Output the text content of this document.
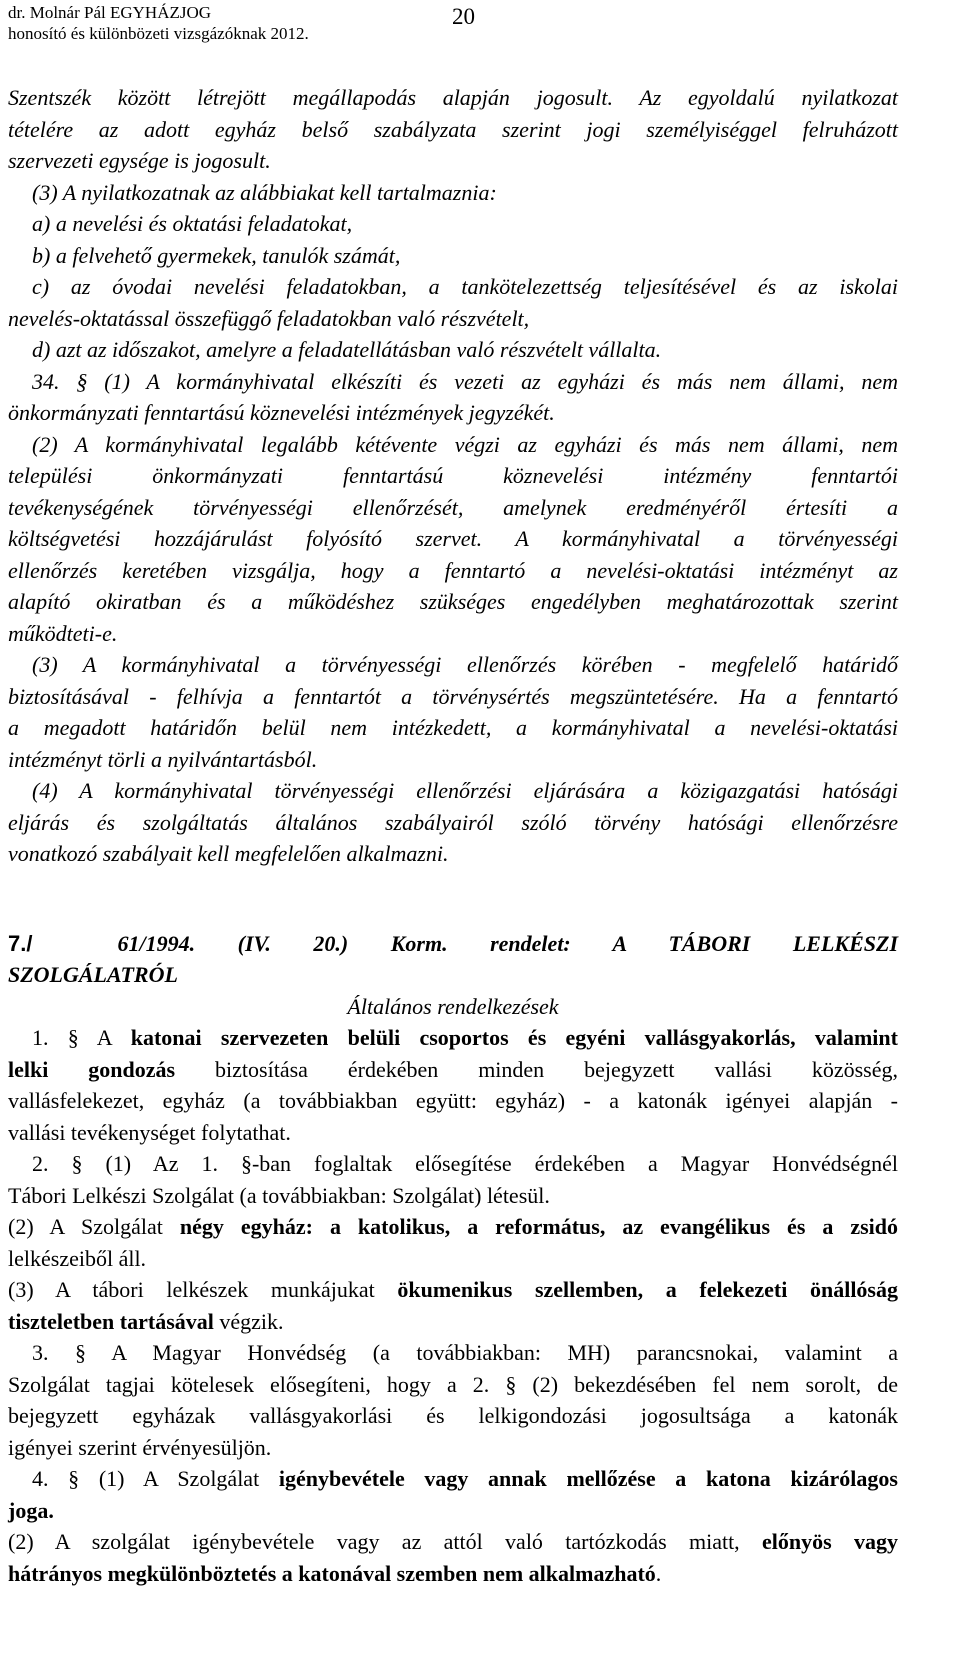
dr. Molnár Pál EGYHÁZJOG
honosító és különbözeti vizsgázóknak 2012.
20

Szentszék között létrejött megállapodás alapján jogosult. Az egyoldalú nyilatkozat

tételére az adott egyház belső szabályzata szerint jogi személyiséggel felruházott

szervezeti egysége is jogosult.

(3) A nyilatkozatnak az alábbiakat kell tartalmaznia:

a) a nevelési és oktatási feladatokat,

b) a felvehető gyermekek, tanulók számát,

c) az óvodai nevelési feladatokban, a tankötelezettség teljesítésével és az iskolai

nevelés-oktatással összefüggő feladatokban való részvételt,

d) azt az időszakot, amelyre a feladatellátásban való részvételt vállalta.

34. § (1) A kormányhivatal elkészíti és vezeti az egyházi és más nem állami, nem

önkormányzati fenntartású köznevelési intézmények jegyzékét.

(2) A kormányhivatal legalább kétévente végzi az egyházi és más nem állami, nem

települési önkormányzati fenntartású köznevelési intézmény fenntartói

tevékenységének törvényességi ellenőrzését, amelynek eredményéről értesíti a

költségvetési hozzájárulást folyósító szervet. A kormányhivatal a törvényességi

ellenőrzés keretében vizsgálja, hogy a fenntartó a nevelési-oktatási intézményt az

alapító okiratban és a működéshez szükséges engedélyben meghatározottak szerint

működteti-e.

(3) A kormányhivatal a törvényességi ellenőrzés körében - megfelelő határidő

biztosításával - felhívja a fenntartót a törvénysértés megszüntetésére. Ha a fenntartó

a megadott határidőn belül nem intézkedett, a kormányhivatal a nevelési-oktatási

intézményt törli a nyilvántartásból.

(4) A kormányhivatal törvényességi ellenőrzési eljárására a közigazgatási hatósági

eljárás és szolgáltatás általános szabályairól szóló törvény hatósági ellenőrzésre

vonatkozó szabályait kell megfelelően alkalmazni.

7./	61/1994. (IV. 20.) Korm. rendelet: A TÁBORI LELKÉSZI

SZOLGÁLATRÓL

Általános rendelkezések

1. § A katonai szervezeten belüli csoportos és egyéni vallásgyakorlás, valamint

lelki gondozás biztosítása érdekében minden bejegyzett vallási közösség,

vallásfelekezet, egyház (a továbbiakban együtt: egyház) - a katonák igényei alapján -

vallási tevékenységet folytathat.

2. § (1) Az 1. §-ban foglaltak elősegítése érdekében a Magyar Honvédségnél

Tábori Lelkészi Szolgálat (a továbbiakban: Szolgálat) létesül.

(2) A Szolgálat négy egyház: a katolikus, a református, az evangélikus és a zsidó

lelkészeiből áll.

(3) A tábori lelkészek munkájukat ökumenikus szellemben, a felekezeti önállóság

tiszteletben tartásával végzik.

3. § A Magyar Honvédség (a továbbiakban: MH) parancsnokai, valamint a

Szolgálat tagjai kötelesek elősegíteni, hogy a 2. § (2) bekezdésében fel nem sorolt, de

bejegyzett egyházak vallásgyakorlási és lelkigondozási jogosultsága a katonák

igényei szerint érvényesüljön.

4. § (1) A Szolgálat igénybevétele vagy annak mellőzése a katona kizárólagos

joga.

(2) A szolgálat igénybevétele vagy az attól való tartózkodás miatt, előnyös vagy

hátrányos megkülönböztetés a katonával szemben nem alkalmazható.
